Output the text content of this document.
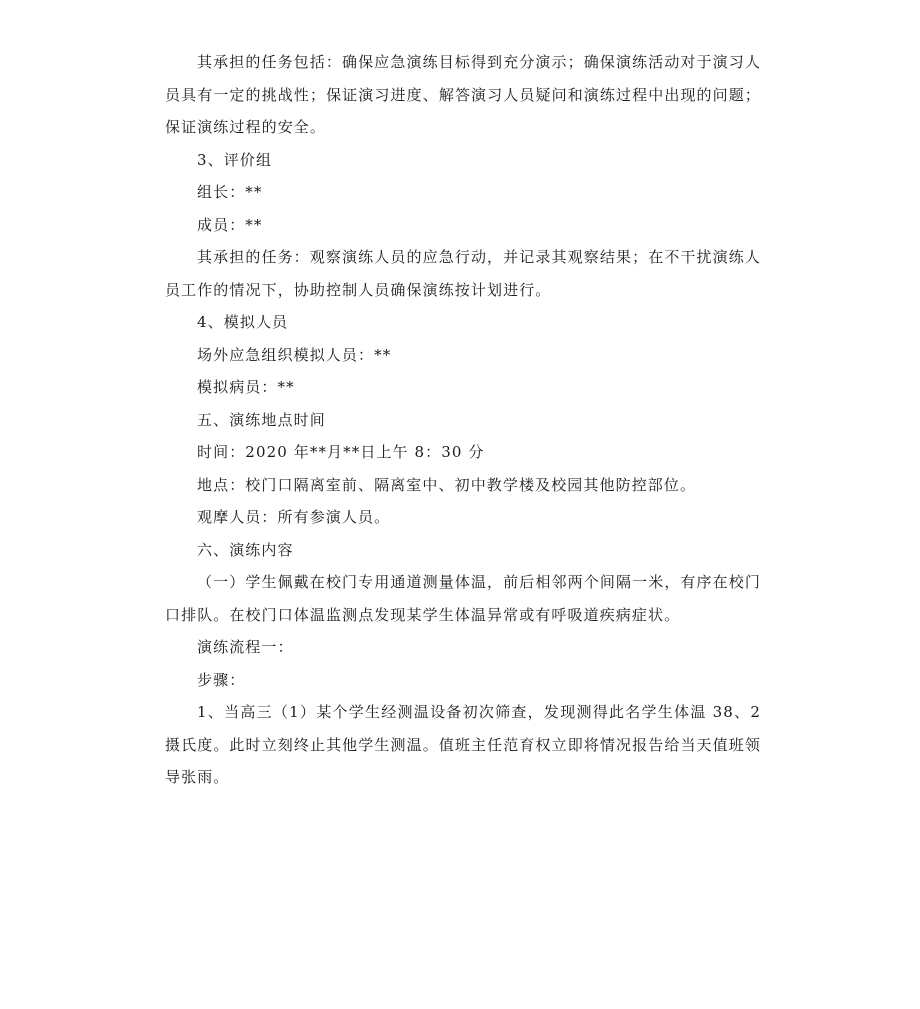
其承担的任务包括：确保应急演练目标得到充分演示；确保演练活动对于演习人员具有一定的挑战性；保证演习进度、解答演习人员疑问和演练过程中出现的问题；保证演练过程的安全。

3、评价组

组长：**

成员：**

其承担的任务：观察演练人员的应急行动，并记录其观察结果；在不干扰演练人员工作的情况下，协助控制人员确保演练按计划进行。

4、模拟人员

场外应急组织模拟人员：**

模拟病员：**

五、演练地点时间

时间：2020 年**月**日上午 8：30 分

地点：校门口隔离室前、隔离室中、初中教学楼及校园其他防控部位。

观摩人员：所有参演人员。

六、演练内容

（一）学生佩戴在校门专用通道测量体温，前后相邻两个间隔一米，有序在校门口排队。在校门口体温监测点发现某学生体温异常或有呼吸道疾病症状。

演练流程一：

步骤：

1、当高三（1）某个学生经测温设备初次筛查，发现测得此名学生体温 38、2 摄氏度。此时立刻终止其他学生测温。值班主任范育权立即将情况报告给当天值班领导张雨。
